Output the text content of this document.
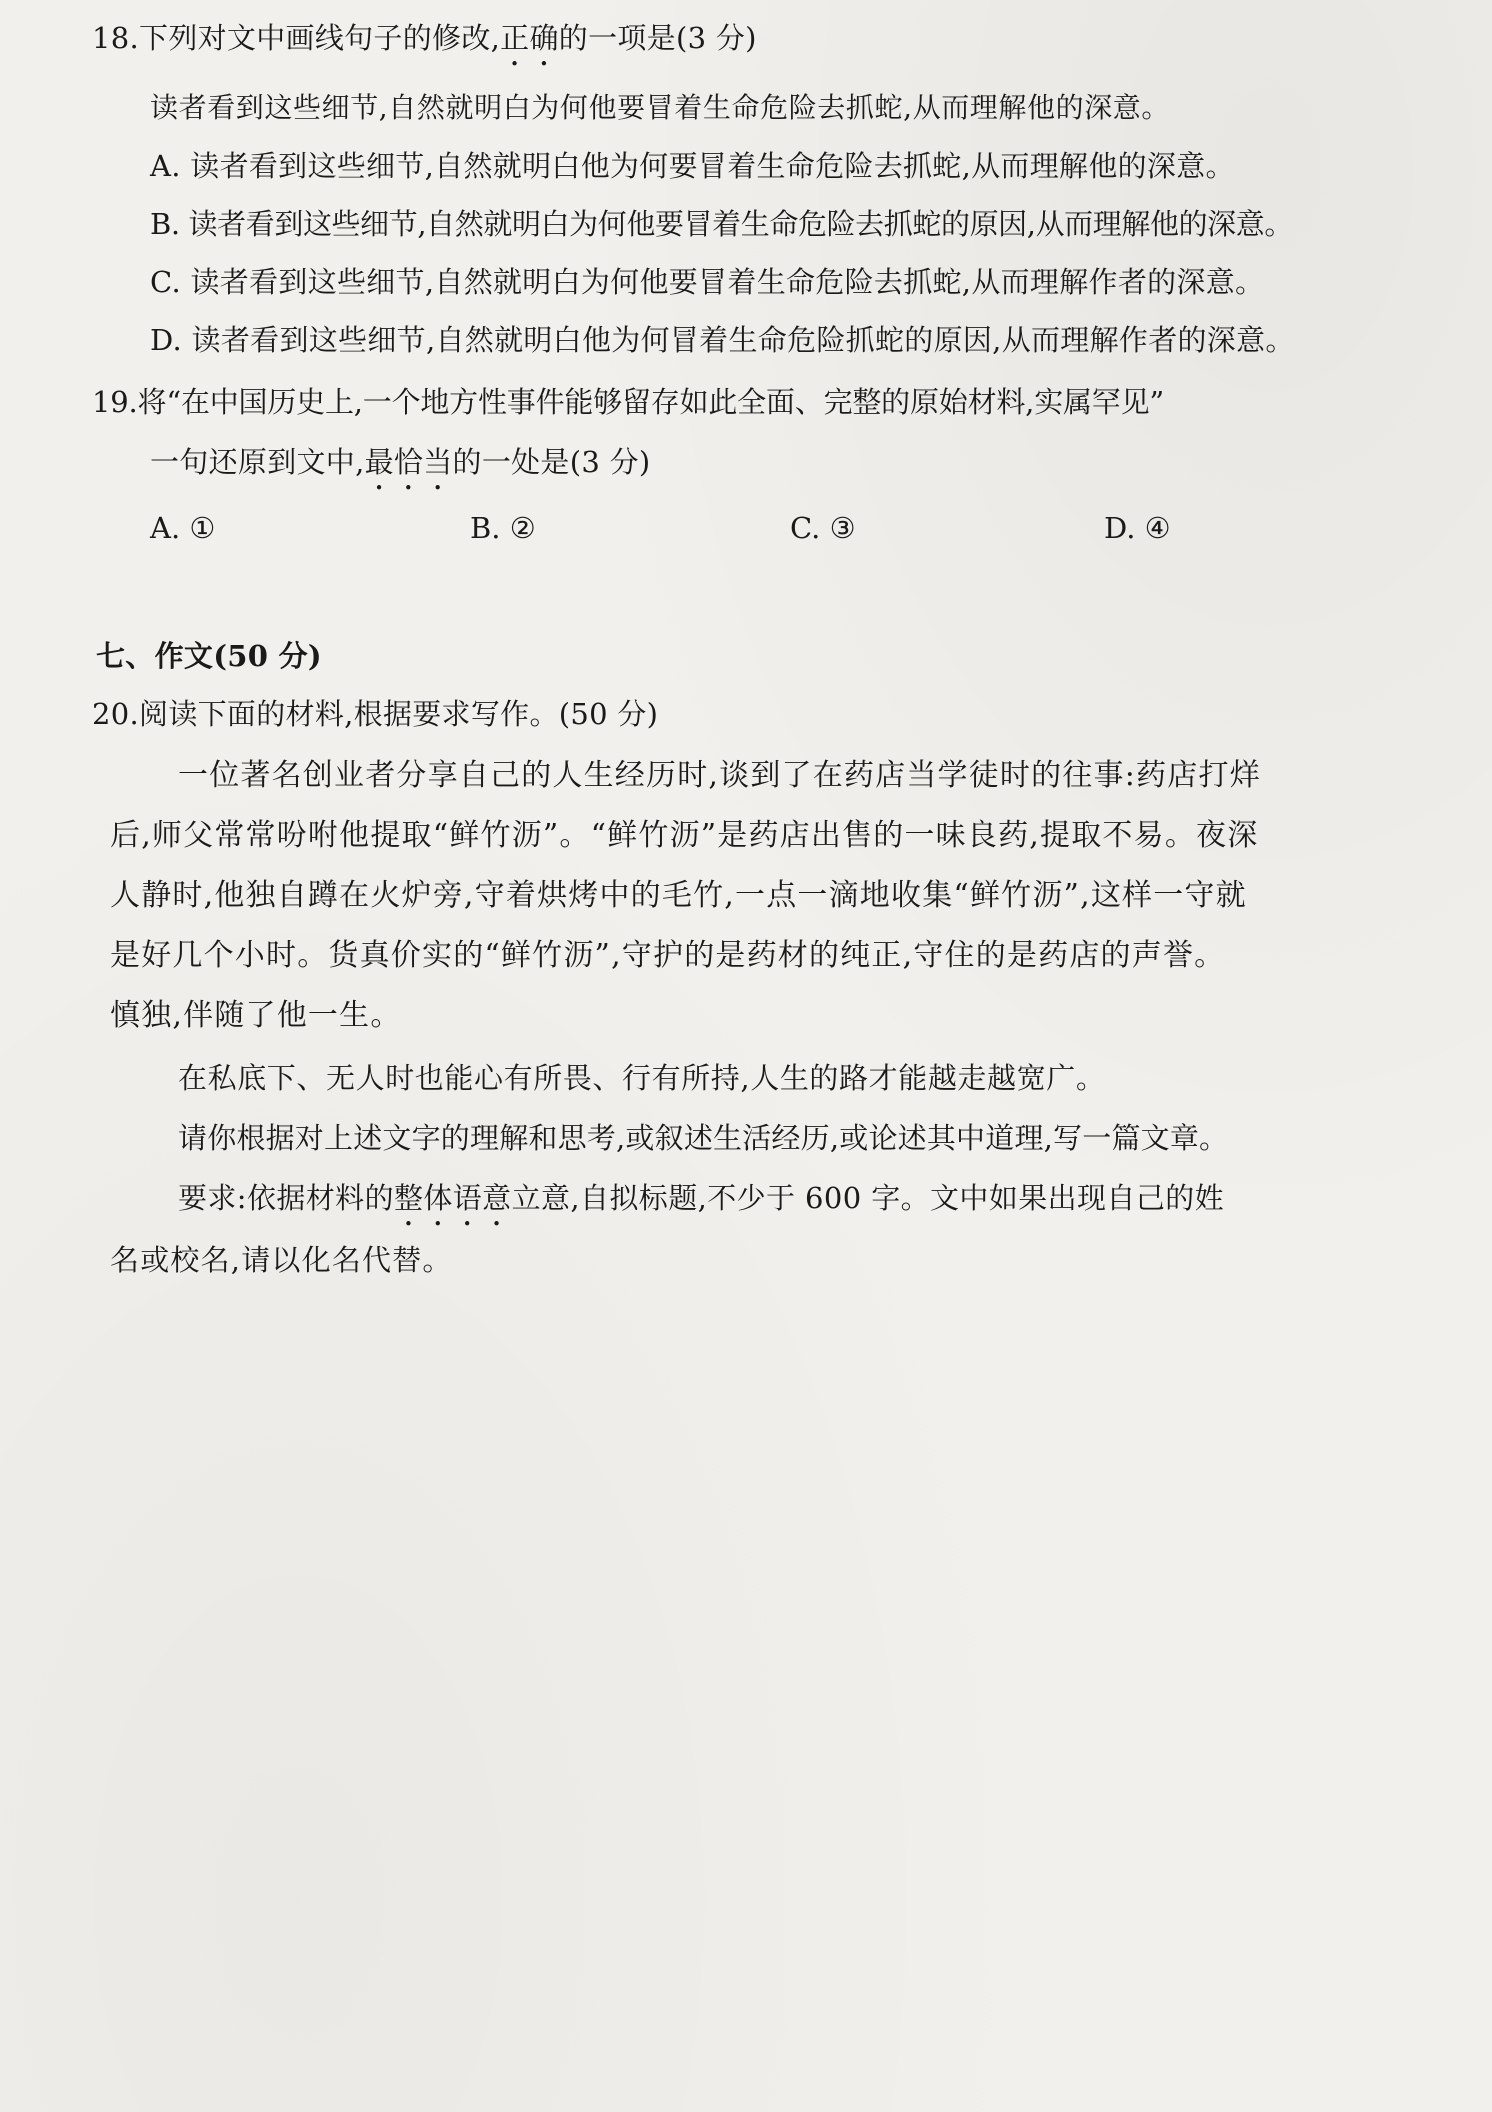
18.下列对文中画线句子的修改,正确的一项是(3 分)
读者看到这些细节,自然就明白为何他要冒着生命危险去抓蛇,从而理解他的深意。
A. 读者看到这些细节,自然就明白他为何要冒着生命危险去抓蛇,从而理解他的深意。
B. 读者看到这些细节,自然就明白为何他要冒着生命危险去抓蛇的原因,从而理解他的深意。
C. 读者看到这些细节,自然就明白为何他要冒着生命危险去抓蛇,从而理解作者的深意。
D. 读者看到这些细节,自然就明白他为何冒着生命危险抓蛇的原因,从而理解作者的深意。
19.将“在中国历史上,一个地方性事件能够留存如此全面、完整的原始材料,实属罕见”
一句还原到文中,最恰当的一处是(3 分)
A. ①	B. ②	C. ③	D. ④
七、作文(50 分)
20.阅读下面的材料,根据要求写作。(50 分)
一位著名创业者分享自己的人生经历时,谈到了在药店当学徒时的往事:药店打烊
后,师父常常吩咐他提取“鲜竹沥”。“鲜竹沥”是药店出售的一味良药,提取不易。夜深
人静时,他独自蹲在火炉旁,守着烘烤中的毛竹,一点一滴地收集“鲜竹沥”,这样一守就
是好几个小时。货真价实的“鲜竹沥”,守护的是药材的纯正,守住的是药店的声誉。
慎独,伴随了他一生。
在私底下、无人时也能心有所畏、行有所持,人生的路才能越走越宽广。
请你根据对上述文字的理解和思考,或叙述生活经历,或论述其中道理,写一篇文章。
要求:依据材料的整体语意立意,自拟标题,不少于 600 字。文中如果出现自己的姓
名或校名,请以化名代替。
